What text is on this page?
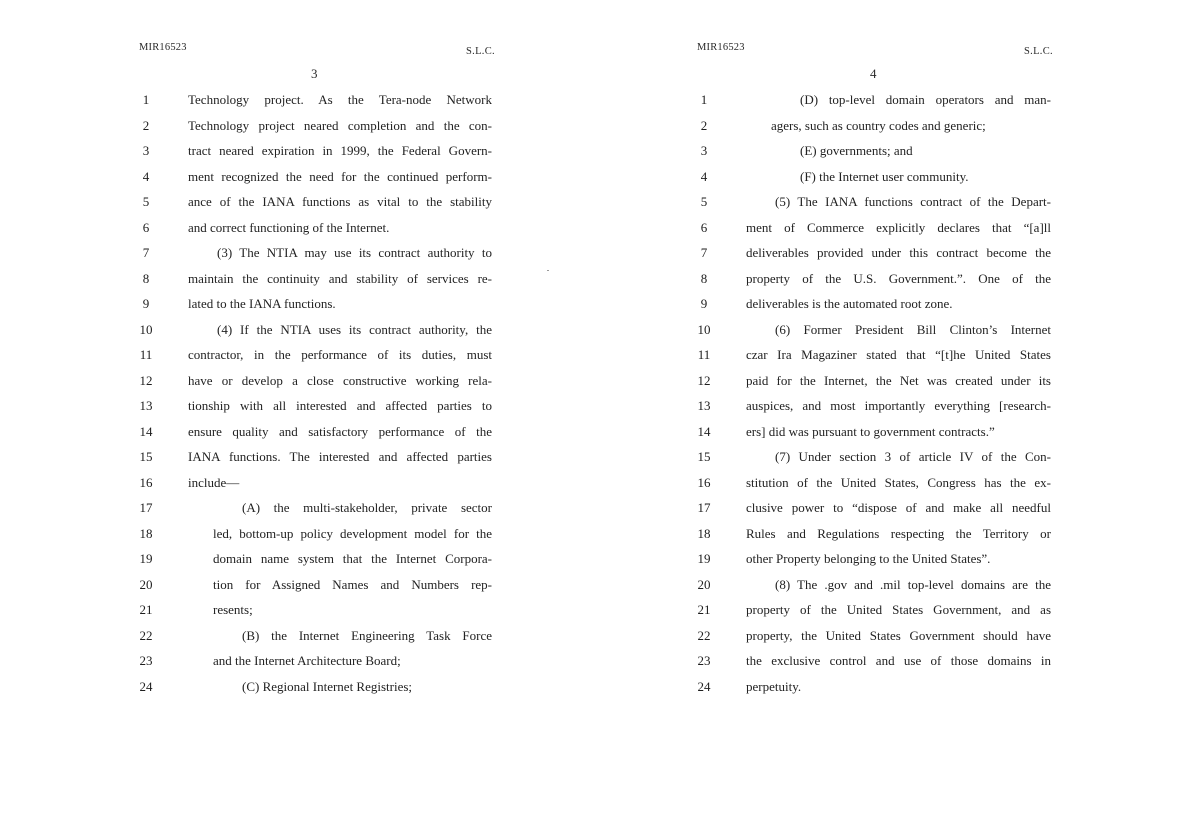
MIR16523	S.L.C.
3
1	Technology project. As the Tera-node Network
2	Technology project neared completion and the con-
3	tract neared expiration in 1999, the Federal Govern-
4	ment recognized the need for the continued perform-
5	ance of the IANA functions as vital to the stability
6	and correct functioning of the Internet.
7	(3) The NTIA may use its contract authority to
8	maintain the continuity and stability of services re-
9	lated to the IANA functions.
10	(4) If the NTIA uses its contract authority, the
11	contractor, in the performance of its duties, must
12	have or develop a close constructive working rela-
13	tionship with all interested and affected parties to
14	ensure quality and satisfactory performance of the
15	IANA functions. The interested and affected parties
16	include—
17	(A) the multi-stakeholder, private sector
18	led, bottom-up policy development model for the
19	domain name system that the Internet Corpora-
20	tion for Assigned Names and Numbers rep-
21	resents;
22	(B) the Internet Engineering Task Force
23	and the Internet Architecture Board;
24	(C) Regional Internet Registries;
MIR16523	S.L.C.
4
1	(D) top-level domain operators and man-
2	agers, such as country codes and generic;
3	(E) governments; and
4	(F) the Internet user community.
5	(5) The IANA functions contract of the Depart-
6	ment of Commerce explicitly declares that “[a]ll
7	deliverables provided under this contract become the
8	property of the U.S. Government.”. One of the
9	deliverables is the automated root zone.
10	(6) Former President Bill Clinton’s Internet
11	czar Ira Magaziner stated that “[t]he United States
12	paid for the Internet, the Net was created under its
13	auspices, and most importantly everything [research-
14	ers] did was pursuant to government contracts.”
15	(7) Under section 3 of article IV of the Con-
16	stitution of the United States, Congress has the ex-
17	clusive power to “dispose of and make all needful
18	Rules and Regulations respecting the Territory or
19	other Property belonging to the United States”.
20	(8) The .gov and .mil top-level domains are the
21	property of the United States Government, and as
22	property, the United States Government should have
23	the exclusive control and use of those domains in
24	perpetuity.
